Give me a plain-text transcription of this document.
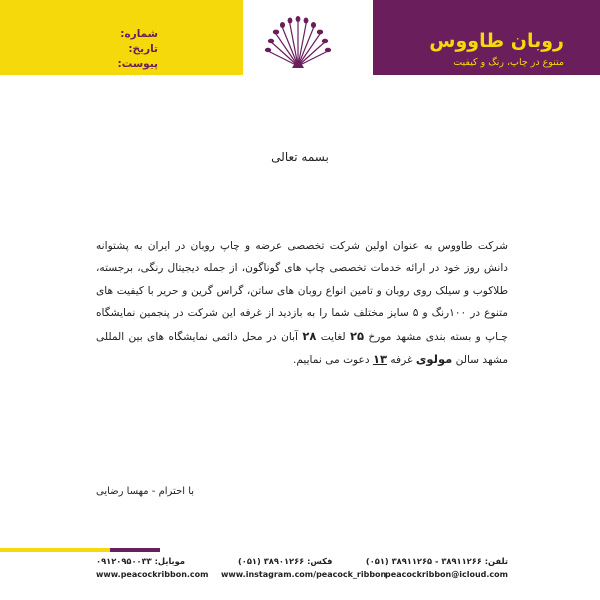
روبان طاووس
متنوع در چاپ، رنگ و کیفیت
شماره:
تاریخ:
پیوست:
بسمه تعالی

شرکت طاووس به عنوان اولین شرکت تخصصی عرضه و چاپ روبان در ایران به پشتوانه دانش روز خود در ارائه خدمات تخصصی چاپ های گوناگون، از جمله دیجیتال رنگی، برجسته، طلاکوب و سیلک روی روبان و تامین انواع روبان های ساتن، گراس گرین و حریر با کیفیت های متنوع در ۱۰۰رنگ و ۵ سایز مختلف شما را به بازدید از غرفه این شرکت در پنجمین نمایشگاه چـاپ و بسته بندی مشهد مورخ ۲۵ لغایت ۲۸ آبان در محل دائمی نمایشگاه های بین المللی مشهد سالن مولوی غرفه ۱۳ دعوت می نماییم.

با احترام - مهسا رضایی
تلفن: ۳۸۹۱۱۲۶۶ - ۳۸۹۱۱۲۶۵ (۰۵۱)
فکس: ۳۸۹۰۱۲۶۶ (۰۵۱)
موبایل: ۰۹۱۲۰۹۵۰۰۳۳
www.peacockribbon.com www.instagram.com/peacock_ribbon
peacockribbon@icloud.com
